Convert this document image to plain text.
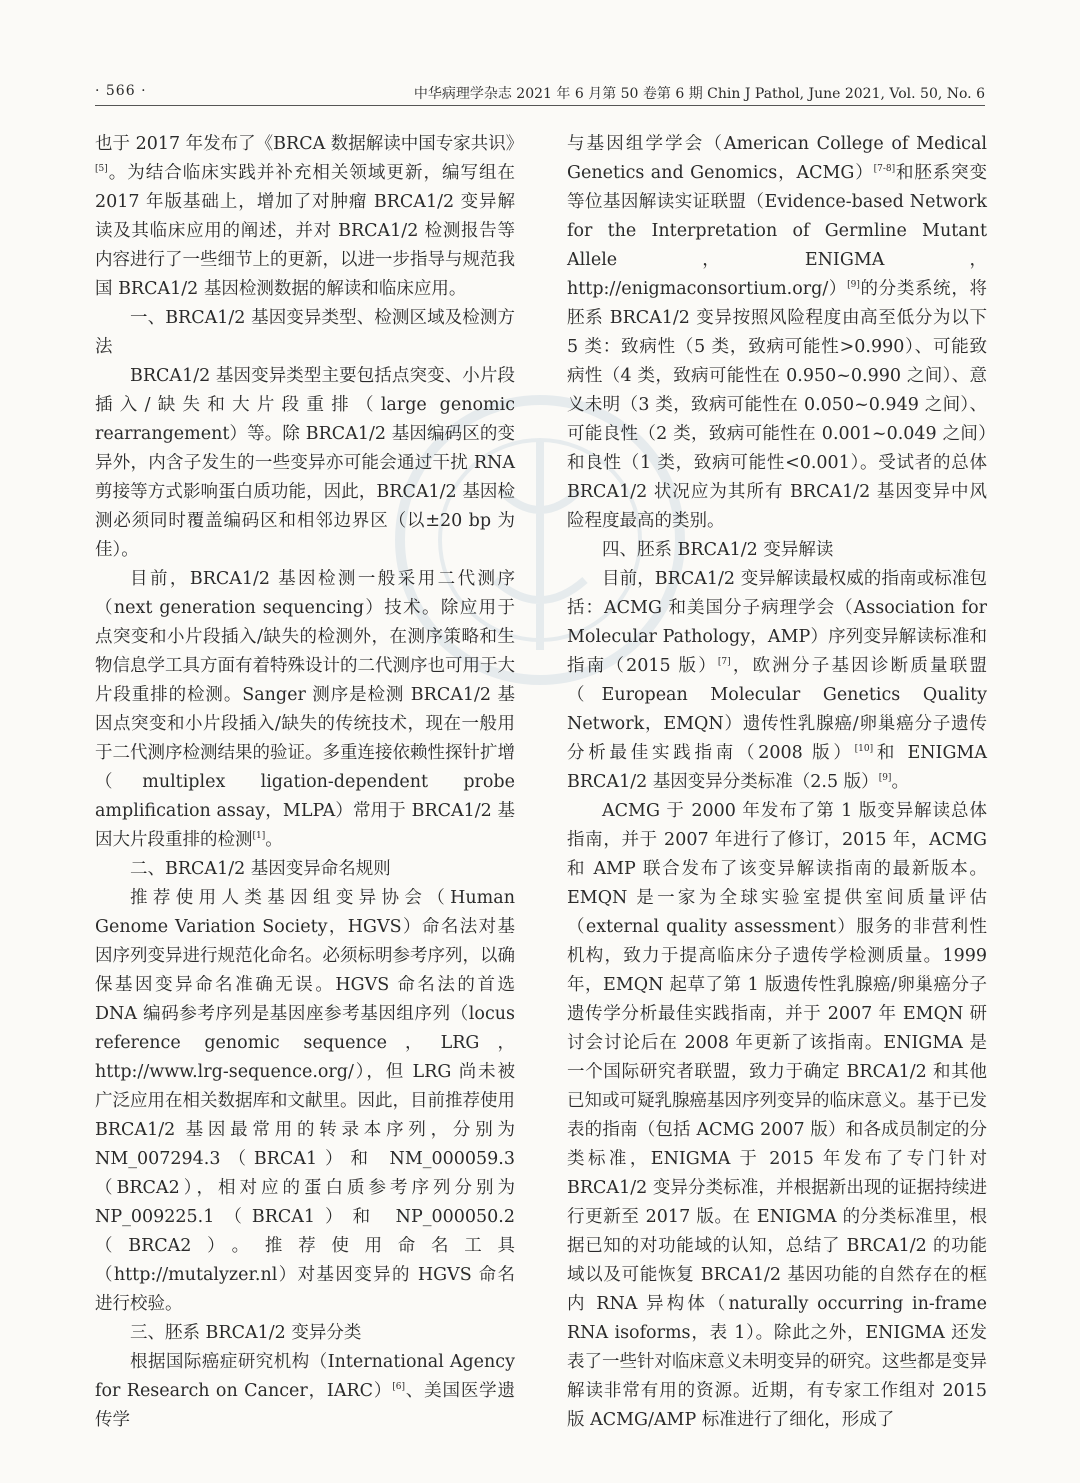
· 566 ·	中华病理学杂志 2021 年 6 月第 50 卷第 6 期 Chin J Pathol, June 2021, Vol. 50, No. 6

也于 2017 年发布了《BRCA 数据解读中国专家共识》[5]。为结合临床实践并补充相关领域更新，编写组在 2017 年版基础上，增加了对肿瘤 BRCA1/2 变异解读及其临床应用的阐述，并对 BRCA1/2 检测报告等内容进行了一些细节上的更新，以进一步指导与规范我国 BRCA1/2 基因检测数据的解读和临床应用。

一、BRCA1/2 基因变异类型、检测区域及检测方法

BRCA1/2 基因变异类型主要包括点突变、小片段插入/缺失和大片段重排（large genomic rearrangement）等。除 BRCA1/2 基因编码区的变异外，内含子发生的一些变异亦可能会通过干扰 RNA 剪接等方式影响蛋白质功能，因此，BRCA1/2 基因检测必须同时覆盖编码区和相邻边界区（以±20 bp 为佳）。

目前，BRCA1/2 基因检测一般采用二代测序（next generation sequencing）技术。除应用于点突变和小片段插入/缺失的检测外，在测序策略和生物信息学工具方面有着特殊设计的二代测序也可用于大片段重排的检测。Sanger 测序是检测 BRCA1/2 基因点突变和小片段插入/缺失的传统技术，现在一般用于二代测序检测结果的验证。多重连接依赖性探针扩增（multiplex ligation-dependent probe amplification assay，MLPA）常用于 BRCA1/2 基因大片段重排的检测[1]。

二、BRCA1/2 基因变异命名规则

推荐使用人类基因组变异协会（Human Genome Variation Society，HGVS）命名法对基因序列变异进行规范化命名。必须标明参考序列，以确保基因变异命名准确无误。HGVS 命名法的首选 DNA 编码参考序列是基因座参考基因组序列（locus reference genomic sequence，LRG，http://www.lrg-sequence.org/），但 LRG 尚未被广泛应用在相关数据库和文献里。因此，目前推荐使用 BRCA1/2 基因最常用的转录本序列，分别为 NM_007294.3（BRCA1）和 NM_000059.3（BRCA2），相对应的蛋白质参考序列分别为 NP_009225.1（BRCA1）和 NP_000050.2（BRCA2）。推荐使用命名工具（http://mutalyzer.nl）对基因变异的 HGVS 命名进行校验。

三、胚系 BRCA1/2 变异分类

根据国际癌症研究机构（International Agency for Research on Cancer，IARC）[6]、美国医学遗传学

与基因组学学会（American College of Medical Genetics and Genomics，ACMG）[7-8]和胚系突变等位基因解读实证联盟（Evidence-based Network for the Interpretation of Germline Mutant Allele，ENIGMA，http://enigmaconsortium.org/）[9]的分类系统，将胚系 BRCA1/2 变异按照风险程度由高至低分为以下 5 类：致病性（5 类，致病可能性>0.990）、可能致病性（4 类，致病可能性在 0.950~0.990 之间）、意义未明（3 类，致病可能性在 0.050~0.949 之间）、可能良性（2 类，致病可能性在 0.001~0.049 之间）和良性（1 类，致病可能性<0.001）。受试者的总体 BRCA1/2 状况应为其所有 BRCA1/2 基因变异中风险程度最高的类别。

四、胚系 BRCA1/2 变异解读

目前，BRCA1/2 变异解读最权威的指南或标准包括：ACMG 和美国分子病理学会（Association for Molecular Pathology，AMP）序列变异解读标准和指南（2015 版）[7]，欧洲分子基因诊断质量联盟（European Molecular Genetics Quality Network，EMQN）遗传性乳腺癌/卵巢癌分子遗传分析最佳实践指南（2008 版）[10]和 ENIGMA BRCA1/2 基因变异分类标准（2.5 版）[9]。

ACMG 于 2000 年发布了第 1 版变异解读总体指南，并于 2007 年进行了修订，2015 年，ACMG 和 AMP 联合发布了该变异解读指南的最新版本。EMQN 是一家为全球实验室提供室间质量评估（external quality assessment）服务的非营利性机构，致力于提高临床分子遗传学检测质量。1999 年，EMQN 起草了第 1 版遗传性乳腺癌/卵巢癌分子遗传学分析最佳实践指南，并于 2007 年 EMQN 研讨会讨论后在 2008 年更新了该指南。ENIGMA 是一个国际研究者联盟，致力于确定 BRCA1/2 和其他已知或可疑乳腺癌基因序列变异的临床意义。基于已发表的指南（包括 ACMG 2007 版）和各成员制定的分类标准，ENIGMA 于 2015 年发布了专门针对 BRCA1/2 变异分类标准，并根据新出现的证据持续进行更新至 2017 版。在 ENIGMA 的分类标准里，根据已知的对功能域的认知，总结了 BRCA1/2 的功能域以及可能恢复 BRCA1/2 基因功能的自然存在的框内 RNA 异构体（naturally occurring in-frame RNA isoforms，表 1）。除此之外，ENIGMA 还发表了一些针对临床意义未明变异的研究。这些都是变异解读非常有用的资源。近期，有专家工作组对 2015 版 ACMG/AMP 标准进行了细化，形成了
